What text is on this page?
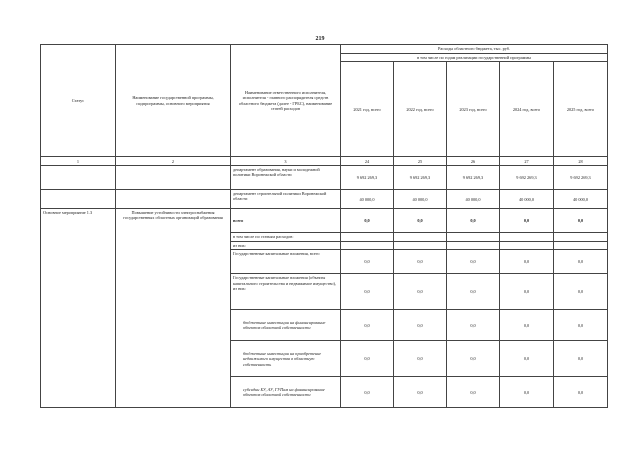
219
Статус	Наименование государственной программы, подпрограммы, основного мероприятия	Наименование ответственного исполнителя, исполнителя - главного распорядителя средств областного бюджета (далее - ГРБС), наименование статей расходов	Расходы областного бюджета, тыс. руб.				
			в том числе по годам реализации государственной программы				
			2021 год, всего	2022 год, всего	2023 год, всего	2024 год, всего	2025 год, всего
1	2	3	24	25	26	27	28
		департамент образования, науки и молодежной политики Воронежской области	9 692 269,3	9 692 269,3	9 692 269,3	9 692 269,3	9 692 269,3
		департамент строительной политики Воронежской области	40 000,0	40 000,0	40 000,0	40 000,0	40 000,0
Основное мероприятие 1.3	Повышение устойчивости электроснабжения государственных областных организаций образования	всего	0,0	0,0	0,0	0,0	0,0
		в том числе по статьям расходов:					
		из них:					
		Государственные капитальные вложения, всего	0,0	0,0	0,0	0,0	0,0
		Государственные капитальные вложения (объекты капитального строительства и недвижимое имущество), из них:	0,0	0,0	0,0	0,0	0,0
		бюджетные инвестиции на финансирование объектов областной собственности	0,0	0,0	0,0	0,0	0,0
		бюджетные инвестиции на приобретение недвижимого имущества в областную собственность	0,0	0,0	0,0	0,0	0,0
		субсидии БУ, АУ, ГУПам на финансирование объектов областной собственности	0,0	0,0	0,0	0,0	0,0
